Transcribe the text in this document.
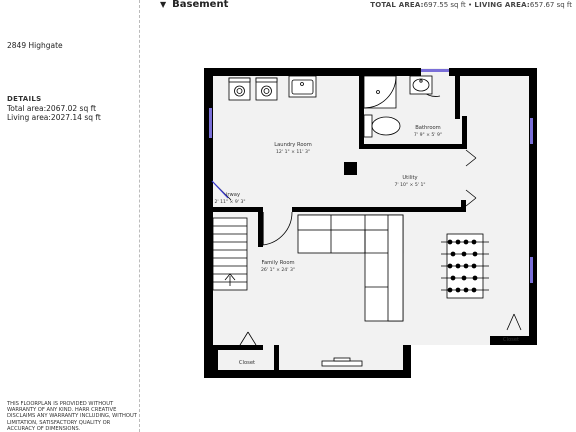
2849 Highgate
DETAILS
Total area:2067.02 sq ft
Living area:2027.14 sq ft
THIS FLOORPLAN IS PROVIDED WITHOUT WARRANTY OF ANY KIND. HARR CREATIVE DISCLAIMS ANY WARRANTY INCLUDING, WITHOUT LIMITATION, SATISFACTORY QUALITY OR ACCURACY OF DIMENSIONS.
▼ Basement	TOTAL AREA:697.55 sq ft • LIVING AREA:657.67 sq ft
Laundry Room
12' 1" × 11' 3"
Bathroom
7' 9" × 5' 9"
Utility
7' 10" × 5' 1"
irway
2' 11" × 9' 3"
Family Room
26' 1" × 24' 3"
Closet
Closet
